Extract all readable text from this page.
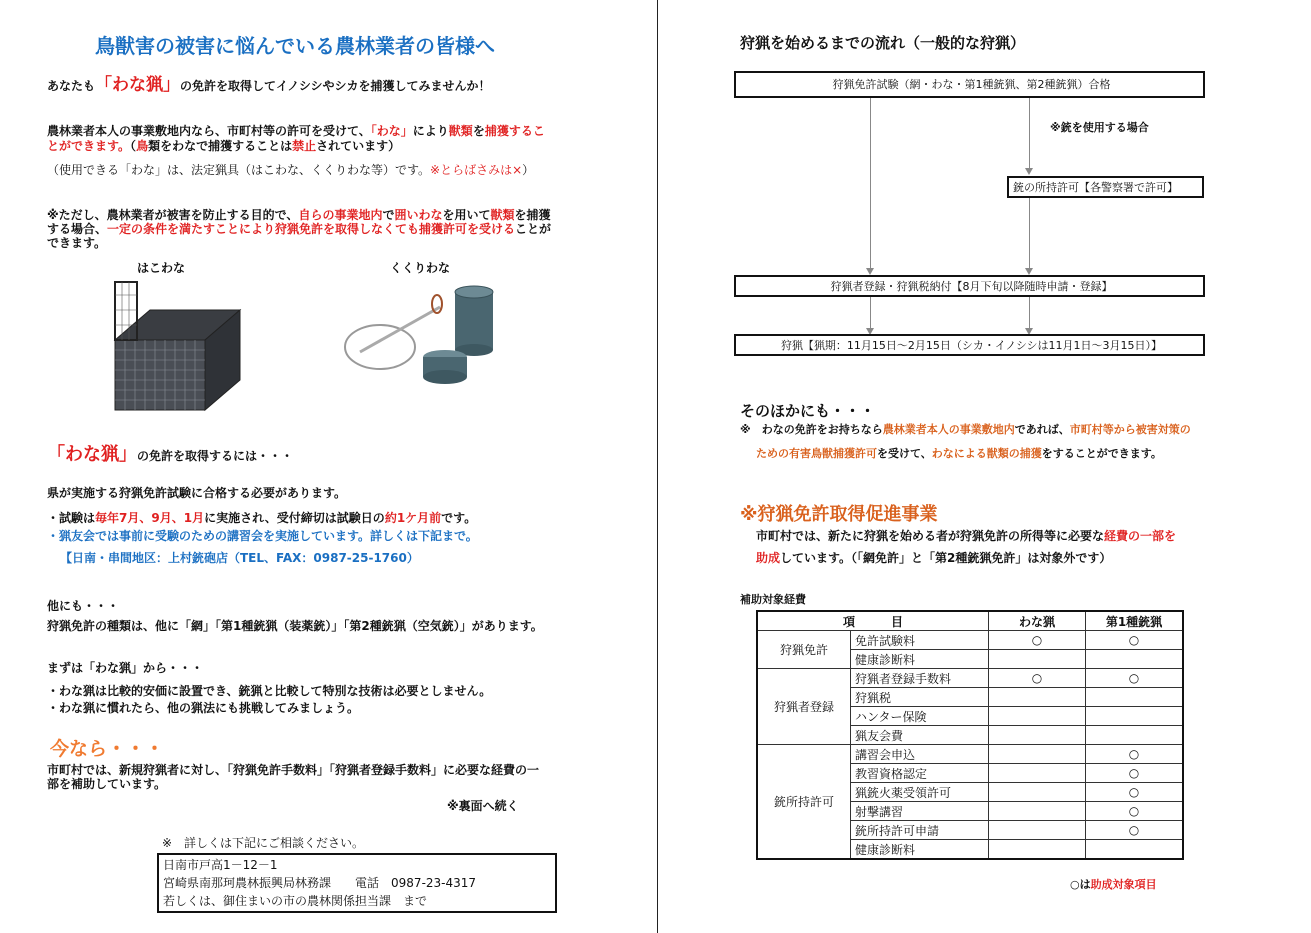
鳥獣害の被害に悩んでいる農林業者の皆様へ
あなたも「わな猟」の免許を取得してイノシシやシカを捕獲してみませんか！
農林業者本人の事業敷地内なら、市町村等の許可を受けて、「わな」により獣類を捕獲するこ
とができます。（鳥類をわなで捕獲することは禁止されています）
（使用できる「わな」は、法定猟具（はこわな、くくりわな等）です。※とらばさみは×）
※ただし、農林業者が被害を防止する目的で、自らの事業地内で囲いわなを用いて獣類を捕獲
する場合、一定の条件を満たすことにより狩猟免許を取得しなくても捕獲許可を受けることが
できます。
はこわな	くくりわな
「わな猟」の免許を取得するには・・・
県が実施する狩猟免許試験に合格する必要があります。
・試験は毎年7月、9月、1月に実施され、受付締切は試験日の約1ケ月前です。
・猟友会では事前に受験のための講習会を実施しています。詳しくは下記まで。
【日南・串間地区：上村銃砲店（TEL、FAX：0987-25-1760）
他にも・・・
狩猟免許の種類は、他に「網」「第1種銃猟（装薬銃）」「第2種銃猟（空気銃）」があります。
まずは「わな猟」から・・・
・わな猟は比較的安価に設置でき、銃猟と比較して特別な技術は必要としません。
・わな猟に慣れたら、他の猟法にも挑戦してみましょう。
今なら・・・
市町村では、新規狩猟者に対し、「狩猟免許手数料」「狩猟者登録手数料」に必要な経費の一
部を補助しています。
※裏面へ続く
※　詳しくは下記にご相談ください。
日南市戸高1－12－1
宮崎県南那珂農林振興局林務課　　 電話　0987-23-4317
若しくは、御住まいの市の農林関係担当課　まで
狩猟を始めるまでの流れ（一般的な狩猟）
狩猟免許試験（網・わな・第1種銃猟、第2種銃猟）合格
※銃を使用する場合
銃の所持許可【各警察署で許可】
狩猟者登録・狩猟税納付【8月下旬以降随時申請・登録】
狩猟【猟期：11月15日～2月15日（シカ・イノシシは11月1日～3月15日）】
そのほかにも・・・
※　わなの免許をお持ちなら農林業者本人の事業敷地内であれば、市町村等から被害対策の
ための有害鳥獣捕獲許可を受けて、わなによる獣類の捕獲をすることができます。
※狩猟免許取得促進事業
市町村では、新たに狩猟を始める者が狩猟免許の所得等に必要な経費の一部を
助成しています。（「網免許」と「第2種銃猟免許」は対象外です）
補助対象経費
項　　　目		わな猟	第1種銃猟
狩猟免許	免許試験料	○	○
	健康診断料		
狩猟者登録	狩猟者登録手数料	○	○
	狩猟税		
	ハンター保険		
	猟友会費		
銃所持許可	講習会申込		○
	教習資格認定		○
	猟銃火薬受領許可		○
	射撃講習		○
	銃所持許可申請		○
	健康診断料		
○は助成対象項目
